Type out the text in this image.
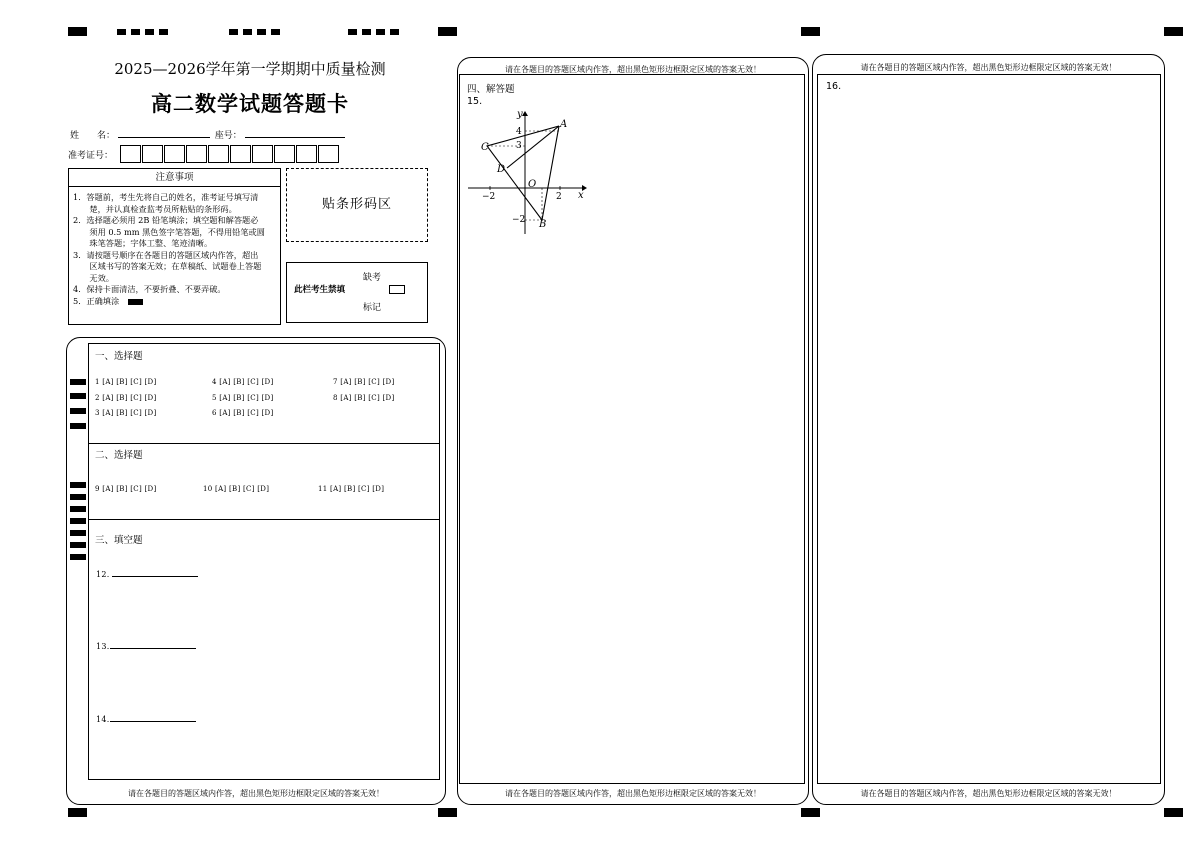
2025—2026学年第一学期期中质量检测
高二数学试题答题卡
姓　　名：	座号：
准考证号：
注意事项
1．答题前，考生先将自己的姓名，准考证号填写清
　　楚，并认真检查监考员所粘贴的条形码。
2．选择题必须用 2B 铅笔填涂；填空题和解答题必
　　须用 0.5 mm 黑色签字笔答题，不得用铅笔或圆
　　珠笔答题；字体工整、笔迹清晰。
3．请按题号顺序在各题目的答题区域内作答，超出
　　区域书写的答案无效；在草稿纸、试题卷上答题
　　无效。
4．保持卡面清洁，不要折叠、不要弄破。
5．正确填涂
贴条形码区
缺考
此栏考生禁填
标记
一、选择题
1 [A] [B] [C] [D]
2 [A] [B] [C] [D]
3 [A] [B] [C] [D]
4 [A] [B] [C] [D]
5 [A] [B] [C] [D]
6 [A] [B] [C] [D]
7 [A] [B] [C] [D]
8 [A] [B] [C] [D]
二、选择题
9 [A] [B] [C] [D]	10 [A] [B] [C] [D]	11 [A] [B] [C] [D]
三、填空题
12.
13.
14.
请在各题目的答题区域内作答，超出黑色矩形边框限定区域的答案无效！
请在各题目的答题区域内作答，超出黑色矩形边框限定区域的答案无效！
四、解答题
15.
y
x
4
3
−2	2
−2
A
B
C
D
O
请在各题目的答题区域内作答，超出黑色矩形边框限定区域的答案无效！
请在各题目的答题区域内作答，超出黑色矩形边框限定区域的答案无效！
16.
请在各题目的答题区域内作答，超出黑色矩形边框限定区域的答案无效！
